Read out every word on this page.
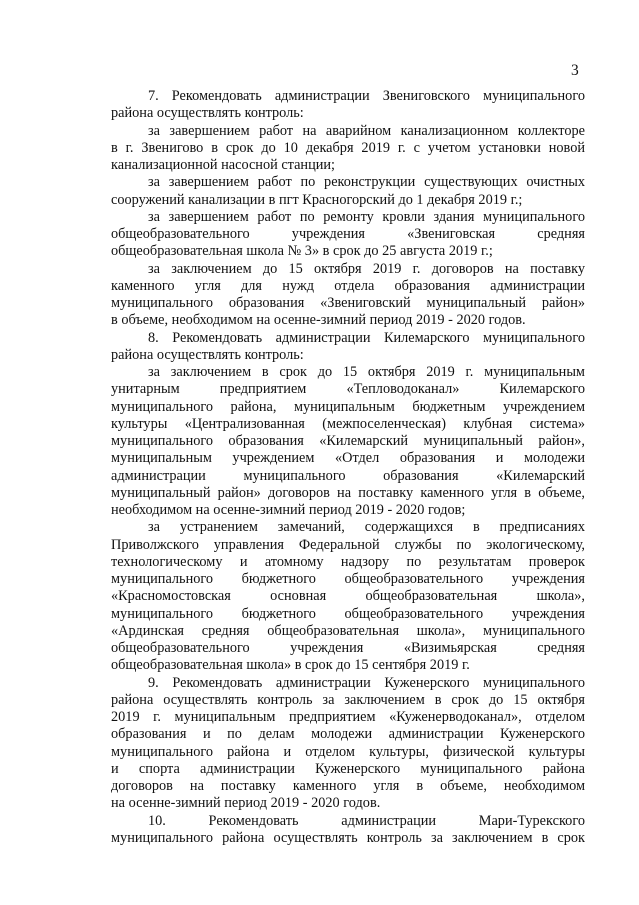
3
7. Рекомендовать администрации Звениговского муниципального
района осуществлять контроль:
за завершением работ на аварийном канализационном коллекторе
в г. Звенигово в срок до 10 декабря 2019 г. с учетом установки новой
канализационной насосной станции;
за завершением работ по реконструкции существующих очистных
сооружений канализации в пгт Красногорский до 1 декабря 2019 г.;
за завершением работ по ремонту кровли здания муниципального
общеобразовательного учреждения «Звениговская средняя
общеобразовательная школа № 3» в срок до 25 августа 2019 г.;
за заключением до 15 октября 2019 г. договоров на поставку
каменного угля для нужд отдела образования администрации
муниципального образования «Звениговский муниципальный район»
в объеме, необходимом на осенне-зимний период 2019 - 2020 годов.
8. Рекомендовать администрации Килемарского муниципального
района осуществлять контроль:
за заключением в срок до 15 октября 2019 г. муниципальным
унитарным предприятием «Тепловодоканал» Килемарского
муниципального района, муниципальным бюджетным учреждением
культуры «Централизованная (межпоселенческая) клубная система»
муниципального образования «Килемарский муниципальный район»,
муниципальным учреждением «Отдел образования и молодежи
администрации муниципального образования «Килемарский
муниципальный район» договоров на поставку каменного угля в объеме,
необходимом на осенне-зимний период 2019 - 2020 годов;
за устранением замечаний, содержащихся в предписаниях
Приволжского управления Федеральной службы по экологическому,
технологическому и атомному надзору по результатам проверок
муниципального бюджетного общеобразовательного учреждения
«Красномостовская основная общеобразовательная школа»,
муниципального бюджетного общеобразовательного учреждения
«Ардинская средняя общеобразовательная школа», муниципального
общеобразовательного учреждения «Визимьярская средняя
общеобразовательная школа» в срок до 15 сентября 2019 г.
9. Рекомендовать администрации Куженерского муниципального
района осуществлять контроль за заключением в срок до 15 октября
2019 г. муниципальным предприятием «Куженерводоканал», отделом
образования и по делам молодежи администрации Куженерского
муниципального района и отделом культуры, физической культуры
и спорта администрации Куженерского муниципального района
договоров на поставку каменного угля в объеме, необходимом
на осенне-зимний период 2019 - 2020 годов.
10. Рекомендовать администрации Мари-Турекского
муниципального района осуществлять контроль за заключением в срок
